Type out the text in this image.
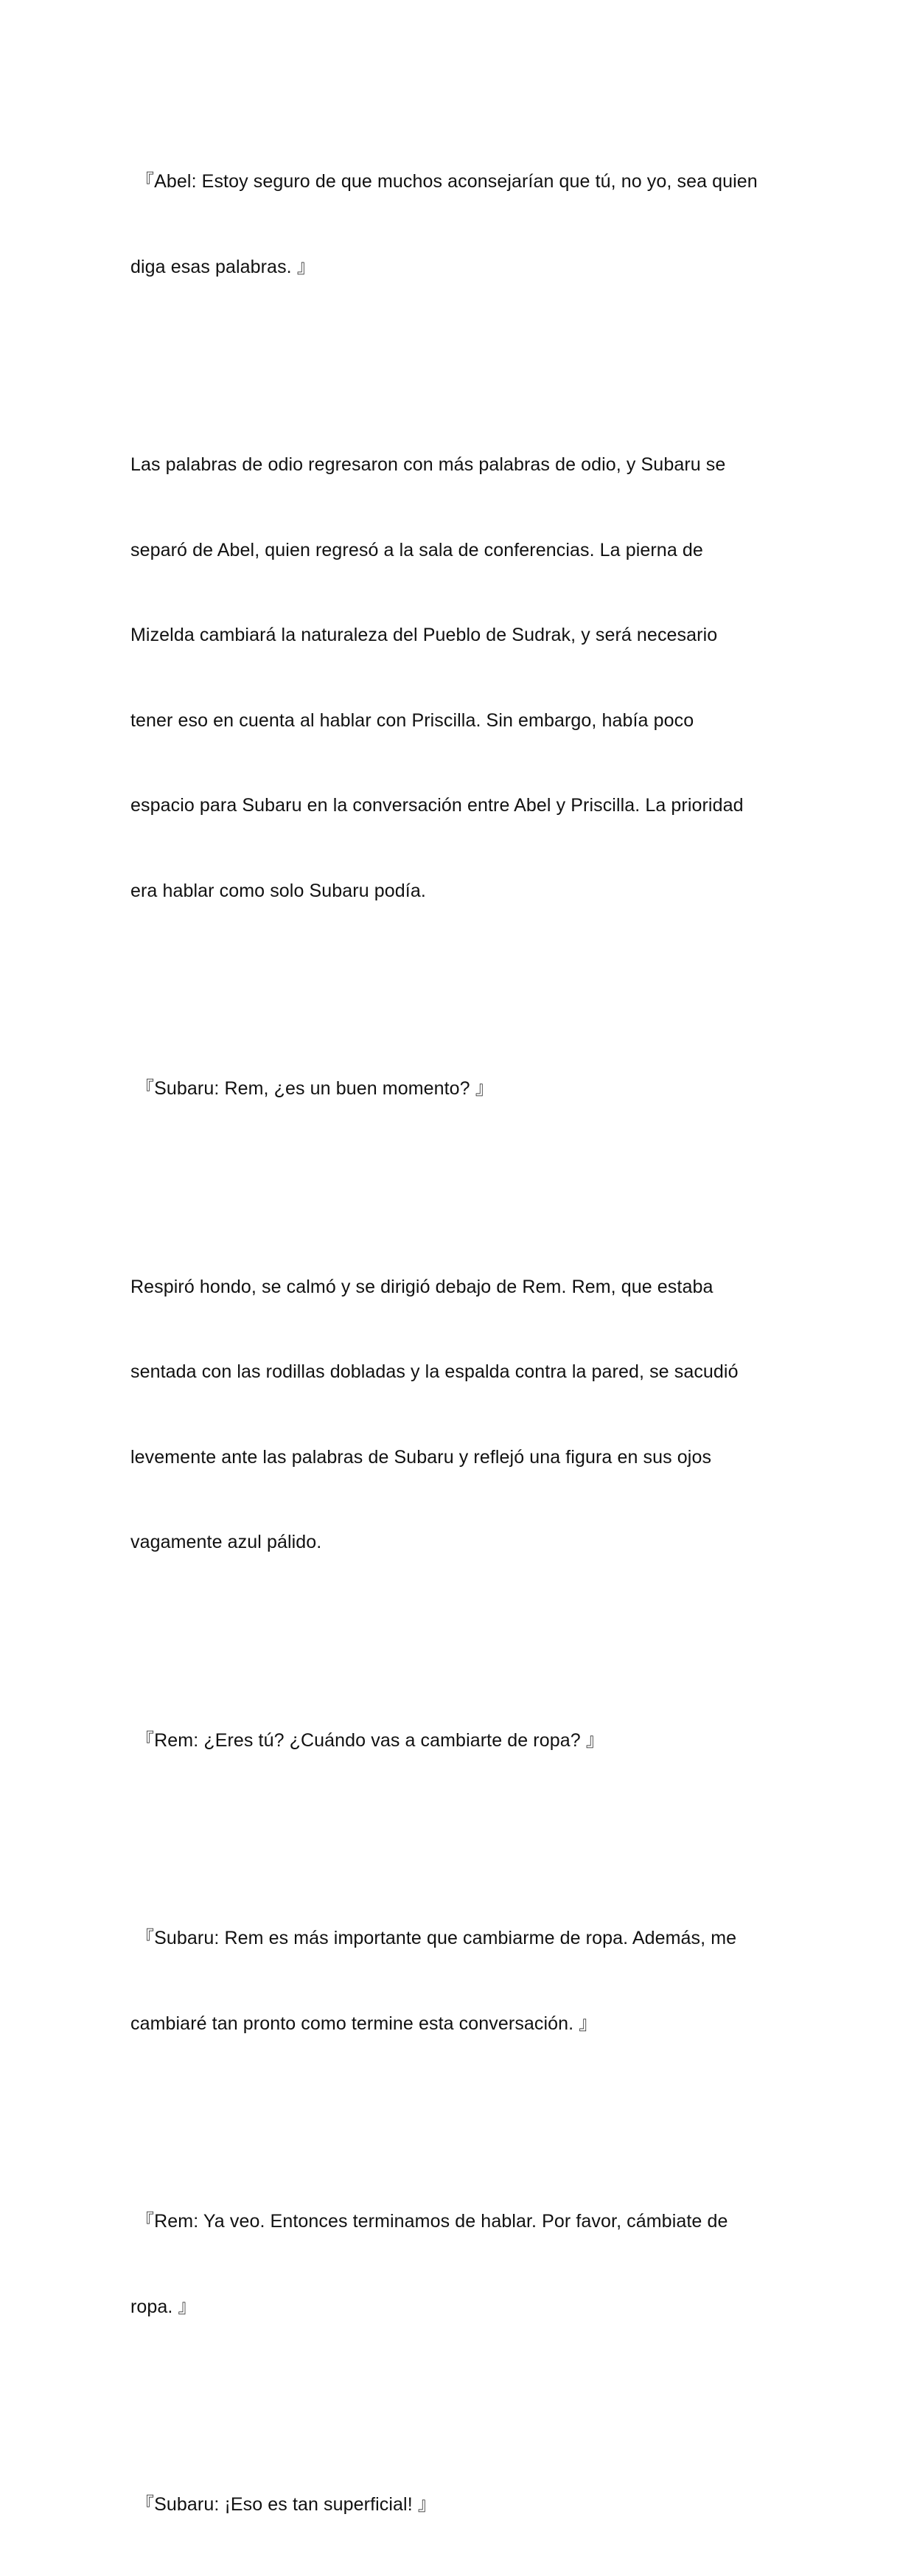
『Abel: Estoy seguro de que muchos aconsejarían que tú, no yo, sea quien

diga esas palabras. 』

Las palabras de odio regresaron con más palabras de odio, y Subaru se

separó de Abel, quien regresó a la sala de conferencias. La pierna de

Mizelda cambiará la naturaleza del Pueblo de Sudrak, y será necesario

tener eso en cuenta al hablar con Priscilla. Sin embargo, había poco

espacio para Subaru en la conversación entre Abel y Priscilla. La prioridad

era hablar como solo Subaru podía.

『Subaru: Rem, ¿es un buen momento? 』

Respiró hondo, se calmó y se dirigió debajo de Rem. Rem, que estaba

sentada con las rodillas dobladas y la espalda contra la pared, se sacudió

levemente ante las palabras de Subaru y reflejó una figura en sus ojos

vagamente azul pálido.

『Rem: ¿Eres tú? ¿Cuándo vas a cambiarte de ropa? 』

『Subaru: Rem es más importante que cambiarme de ropa. Además, me

cambiaré tan pronto como termine esta conversación. 』

『Rem: Ya veo. Entonces terminamos de hablar. Por favor, cámbiate de

ropa. 』

『Subaru: ¡Eso es tan superficial! 』
